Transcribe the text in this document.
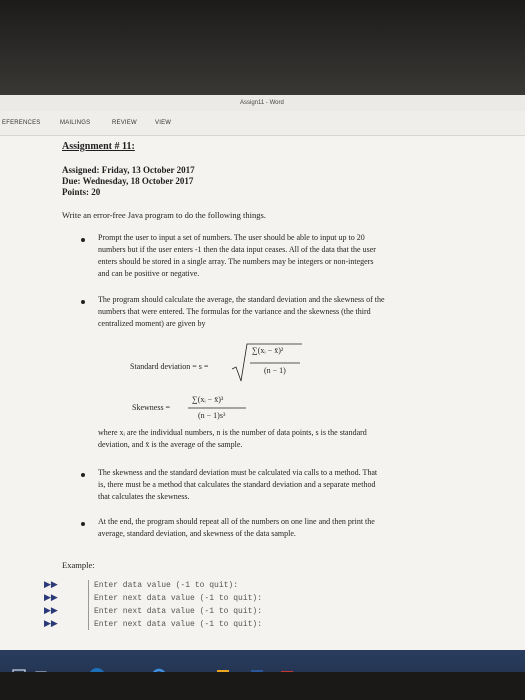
Assign11 - Word
EFERENCES	MAILINGS	REVIEW	VIEW
Assignment # 11:
Assigned: Friday, 13 October 2017
Due: Wednesday, 18 October 2017
Points: 20
Write an error-free Java program to do the following things.
Prompt the user to input a set of numbers. The user should be able to input up to 20
numbers but if the user enters -1 then the data input ceases. All of the data that the user
enters should be stored in a single array. The numbers may be integers or non-integers
and can be positive or negative.
The program should calculate the average, the standard deviation and the skewness of the
numbers that were entered. The formulas for the variance and the skewness (the third
centralized moment) are given by
Standard deviation = s =
∑(xᵢ − x̄)²
(n − 1)
∑(xᵢ − x̄)³
Skewness =
(n − 1)s³
where xᵢ are the individual numbers, n is the number of data points, s is the standard
deviation, and x̄ is the average of the sample.
The skewness and the standard deviation must be calculated via calls to a method. That
is, there must be a method that calculates the standard deviation and a separate method
that calculates the skewness.
At the end, the program should repeat all of the numbers on one line and then print the
average, standard deviation, and skewness of the data sample.
Example:
▶▶
▶▶
▶▶
▶▶
Enter data value (-1 to quit):
Enter next data value (-1 to quit):
Enter next data value (-1 to quit):
Enter next data value (-1 to quit):
